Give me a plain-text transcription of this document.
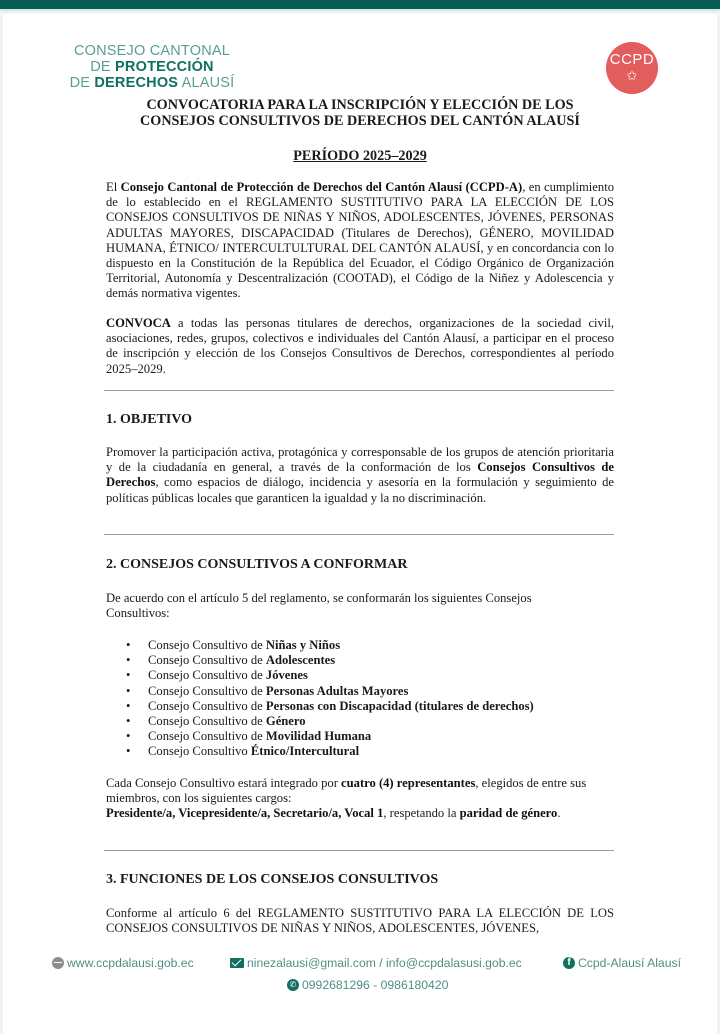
CONSEJO CANTONAL
DE PROTECCIÓN
DE DERECHOS ALAUSÍ
CCPD
✩
CONVOCATORIA PARA LA INSCRIPCIÓN Y ELECCIÓN DE LOS
CONSEJOS CONSULTIVOS DE DERECHOS DEL CANTÓN ALAUSÍ
PERÍODO 2025–2029
El Consejo Cantonal de Protección de Derechos del Cantón Alausí (CCPD-A), en cumplimiento de lo establecido en el REGLAMENTO SUSTITUTIVO PARA LA ELECCIÓN DE LOS CONSEJOS CONSULTIVOS DE NIÑAS Y NIÑOS, ADOLESCENTES, JÓVENES, PERSONAS ADULTAS MAYORES, DISCAPACIDAD (Titulares de Derechos), GÉNERO, MOVILIDAD HUMANA, ÉTNICO/ INTERCULTULTURAL DEL CANTÓN ALAUSÍ, y en concordancia con lo dispuesto en la Constitución de la República del Ecuador, el Código Orgánico de Organización Territorial, Autonomía y Descentralización (COOTAD), el Código de la Niñez y Adolescencia y demás normativa vigentes.
CONVOCA a todas las personas titulares de derechos, organizaciones de la sociedad civil, asociaciones, redes, grupos, colectivos e individuales del Cantón Alausí, a participar en el proceso de inscripción y elección de los Consejos Consultivos de Derechos, correspondientes al período 2025–2029.
1. OBJETIVO
Promover la participación activa, protagónica y corresponsable de los grupos de atención prioritaria y de la ciudadanía en general, a través de la conformación de los Consejos Consultivos de Derechos, como espacios de diálogo, incidencia y asesoría en la formulación y seguimiento de políticas públicas locales que garanticen la igualdad y la no discriminación.
2. CONSEJOS CONSULTIVOS A CONFORMAR
De acuerdo con el artículo 5 del reglamento, se conformarán los siguientes Consejos Consultivos:
• Consejo Consultivo de Niñas y Niños
• Consejo Consultivo de Adolescentes
• Consejo Consultivo de Jóvenes
• Consejo Consultivo de Personas Adultas Mayores
• Consejo Consultivo de Personas con Discapacidad (titulares de derechos)
• Consejo Consultivo de Género
• Consejo Consultivo de Movilidad Humana
• Consejo Consultivo Étnico/Intercultural
Cada Consejo Consultivo estará integrado por cuatro (4) representantes, elegidos de entre sus miembros, con los siguientes cargos:
Presidente/a, Vicepresidente/a, Secretario/a, Vocal 1, respetando la paridad de género.
3. FUNCIONES DE LOS CONSEJOS CONSULTIVOS
Conforme al artículo 6 del REGLAMENTO SUSTITUTIVO PARA LA ELECCIÓN DE LOS CONSEJOS CONSULTIVOS DE NIÑAS Y NIÑOS, ADOLESCENTES, JÓVENES,
www.ccpdalausi.gob.ec	ninezalausi@gmail.com / info@ccpdalasusi.gob.ec	f Ccpd-Alausí Alausí
✆ 0992681296 - 0986180420
